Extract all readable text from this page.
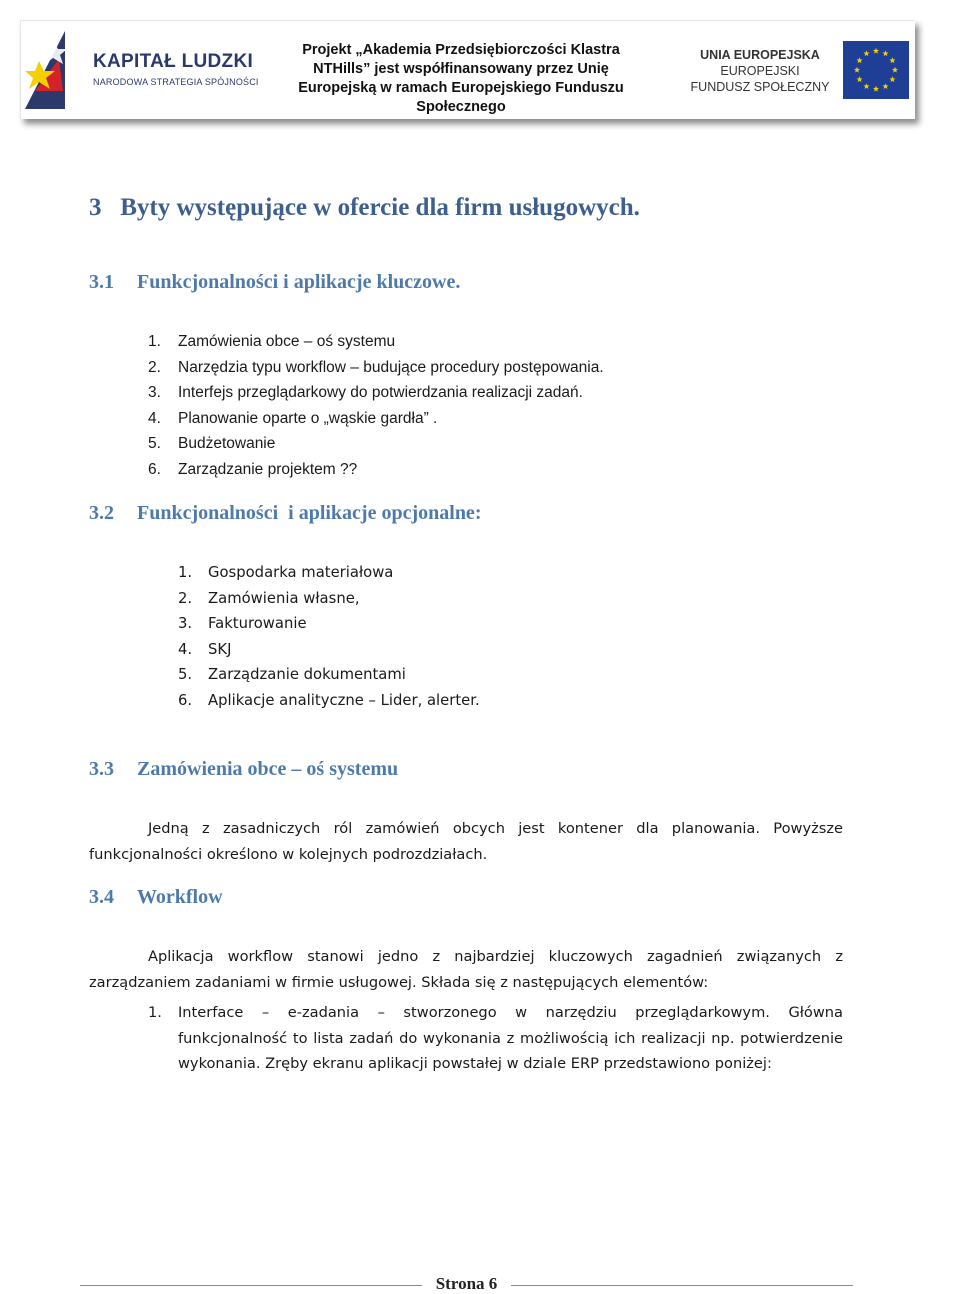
KAPITAŁ LUDZKI
NARODOWA STRATEGIA SPÓJNOŚCI
Projekt „Akademia Przedsiębiorczości Klastra
NTHills” jest współfinansowany przez Unię
Europejską w ramach Europejskiego Funduszu
Społecznego
UNIA EUROPEJSKA
EUROPEJSKI
FUNDUSZ SPOŁECZNY
3 Byty występujące w ofercie dla firm usługowych.
3.1 Funkcjonalności i aplikacje kluczowe.
1. Zamówienia obce – oś systemu
2. Narzędzia typu workflow – budujące procedury postępowania.
3. Interfejs przeglądarkowy do potwierdzania realizacji zadań.
4. Planowanie oparte o „wąskie gardła” .
5. Budżetowanie
6. Zarządzanie projektem ??
3.2 Funkcjonalności  i aplikacje opcjonalne:
1. Gospodarka materiałowa
2. Zamówienia własne,
3. Fakturowanie
4. SKJ
5. Zarządzanie dokumentami
6. Aplikacje analityczne – Lider, alerter.
3.3 Zamówienia obce – oś systemu

Jedną z zasadniczych ról zamówień obcych jest kontener dla planowania. Powyższe funkcjonalności określono w kolejnych podrozdziałach.

3.4 Workflow

Aplikacja workflow stanowi jedno z najbardziej kluczowych zagadnień związanych z zarządzaniem zadaniami w firmie usługowej. Składa się z następujących elementów:

1. Interface – e-zadania – stworzonego w narzędziu przeglądarkowym. Główna funkcjonalność to lista zadań do wykonania z możliwością ich realizacji np. potwierdzenie wykonania. Zręby ekranu aplikacji powstałej w dziale ERP przedstawiono poniżej:
Strona 6
